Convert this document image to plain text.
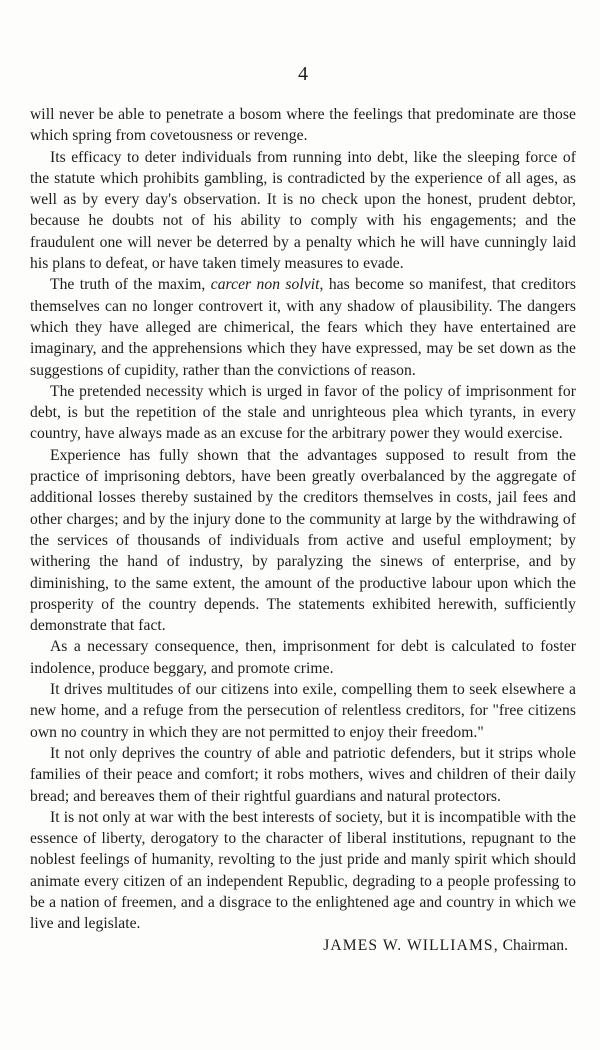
4

will never be able to penetrate a bosom where the feelings that predominate are those which spring from covetousness or revenge.

Its efficacy to deter individuals from running into debt, like the sleeping force of the statute which prohibits gambling, is contradicted by the experience of all ages, as well as by every day's observation. It is no check upon the honest, prudent debtor, because he doubts not of his ability to comply with his engagements; and the fraudulent one will never be deterred by a penalty which he will have cunningly laid his plans to defeat, or have taken timely measures to evade.

The truth of the maxim, carcer non solvit, has become so manifest, that creditors themselves can no longer controvert it, with any shadow of plausibility. The dangers which they have alleged are chimerical, the fears which they have entertained are imaginary, and the apprehensions which they have expressed, may be set down as the suggestions of cupidity, rather than the convictions of reason.

The pretended necessity which is urged in favor of the policy of imprisonment for debt, is but the repetition of the stale and unrighteous plea which tyrants, in every country, have always made as an excuse for the arbitrary power they would exercise.

Experience has fully shown that the advantages supposed to result from the practice of imprisoning debtors, have been greatly overbalanced by the aggregate of additional losses thereby sustained by the creditors themselves in costs, jail fees and other charges; and by the injury done to the community at large by the withdrawing of the services of thousands of individuals from active and useful employment; by withering the hand of industry, by paralyzing the sinews of enterprise, and by diminishing, to the same extent, the amount of the productive labour upon which the prosperity of the country depends. The statements exhibited herewith, sufficiently demonstrate that fact.

As a necessary consequence, then, imprisonment for debt is calculated to foster indolence, produce beggary, and promote crime.

It drives multitudes of our citizens into exile, compelling them to seek elsewhere a new home, and a refuge from the persecution of relentless creditors, for "free citizens own no country in which they are not permitted to enjoy their freedom."

It not only deprives the country of able and patriotic defenders, but it strips whole families of their peace and comfort; it robs mothers, wives and children of their daily bread; and bereaves them of their rightful guardians and natural protectors.

It is not only at war with the best interests of society, but it is incompatible with the essence of liberty, derogatory to the character of liberal institutions, repugnant to the noblest feelings of humanity, revolting to the just pride and manly spirit which should animate every citizen of an independent Republic, degrading to a people professing to be a nation of freemen, and a disgrace to the enlightened age and country in which we live and legislate.

JAMES W. WILLIAMS, Chairman.
